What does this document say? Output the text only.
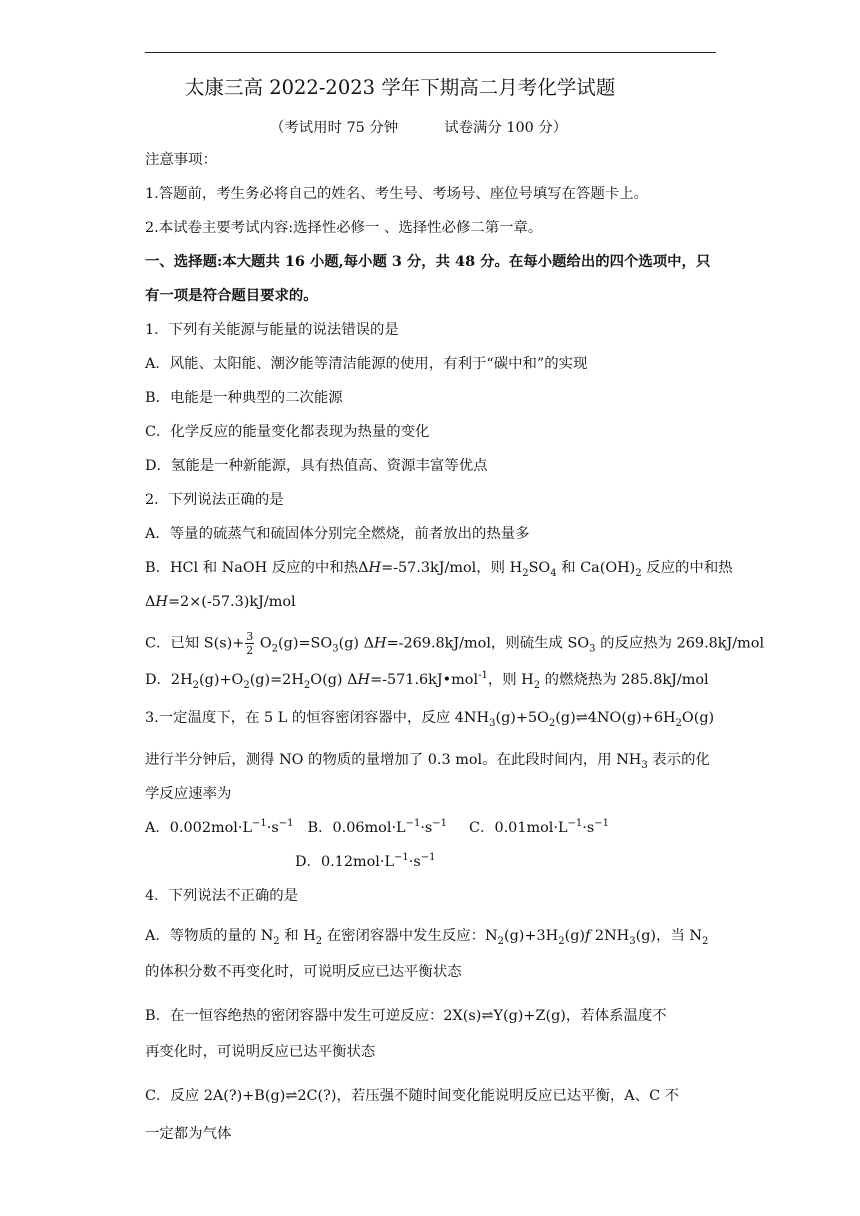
太康三高 2022-2023 学年下期高二月考化学试题
（考试用时 75 分钟	试卷满分 100 分）
注意事项：
1.答题前，考生务必将自己的姓名、考生号、考场号、座位号填写在答题卡上。
2.本试卷主要考试内容:选择性必修一 、选择性必修二第一章。
一、选择题:本大题共 16 小题,每小题 3 分，共 48 分。在每小题给出的四个选项中，只
有一项是符合题目要求的。
1．下列有关能源与能量的说法错误的是
A．风能、太阳能、潮汐能等清洁能源的使用，有利于“碳中和”的实现
B．电能是一种典型的二次能源
C．化学反应的能量变化都表现为热量的变化
D．氢能是一种新能源，具有热值高、资源丰富等优点
2．下列说法正确的是
A．等量的硫蒸气和硫固体分别完全燃烧，前者放出的热量多
B．HCl 和 NaOH 反应的中和热ΔH=-57.3kJ/mol，则 $H_2SO_4$ 和 $Ca(OH)_2$ 反应的中和热
ΔH=2×(-57.3)kJ/mol
C．已知 $S(s)+ \frac{3}{2} O_2(g)=SO_3(g)$ ΔH=-269.8kJ/mol，则硫生成 $SO_3$ 的反应热为 269.8kJ/mol
D．$2H_2(g)+O_2(g)=2H_2O(g)$ ΔH=-571.6kJ•mol$^{-1}$，则 $H_2$ 的燃烧热为 285.8kJ/mol
3.一定温度下，在 5 L 的恒容密闭容器中，反应 $4NH_3(g)+5O_2(g)\rightleftharpoons 4NO(g)+6H_2O(g)$
进行半分钟后，测得 NO 的物质的量增加了 0.3 mol。在此段时间内，用 $NH_3$ 表示的化
学反应速率为
A．$0.002mol\cdot L^{-1}\cdot s^{-1}$ B．$0.06mol\cdot L^{-1}\cdot s^{-1}$ C．$0.01mol\cdot L^{-1}\cdot s^{-1}$
D．$0.12mol\cdot L^{-1}\cdot s^{-1}$
4．下列说法不正确的是
A．等物质的量的 $N_2$ 和 $H_2$ 在密闭容器中发生反应：$N_2(g)+3H_2(g)f$ $2NH_3(g)$，当 $N_2$
的体积分数不再变化时，可说明反应已达平衡状态
B．在一恒容绝热的密闭容器中发生可逆反应：2X(s)⇌Y(g)+Z(g)，若体系温度不
再变化时，可说明反应已达平衡状态
C．反应 2A(?)+B(g)⇌2C(?)，若压强不随时间变化能说明反应已达平衡，A、C 不
一定都为气体
